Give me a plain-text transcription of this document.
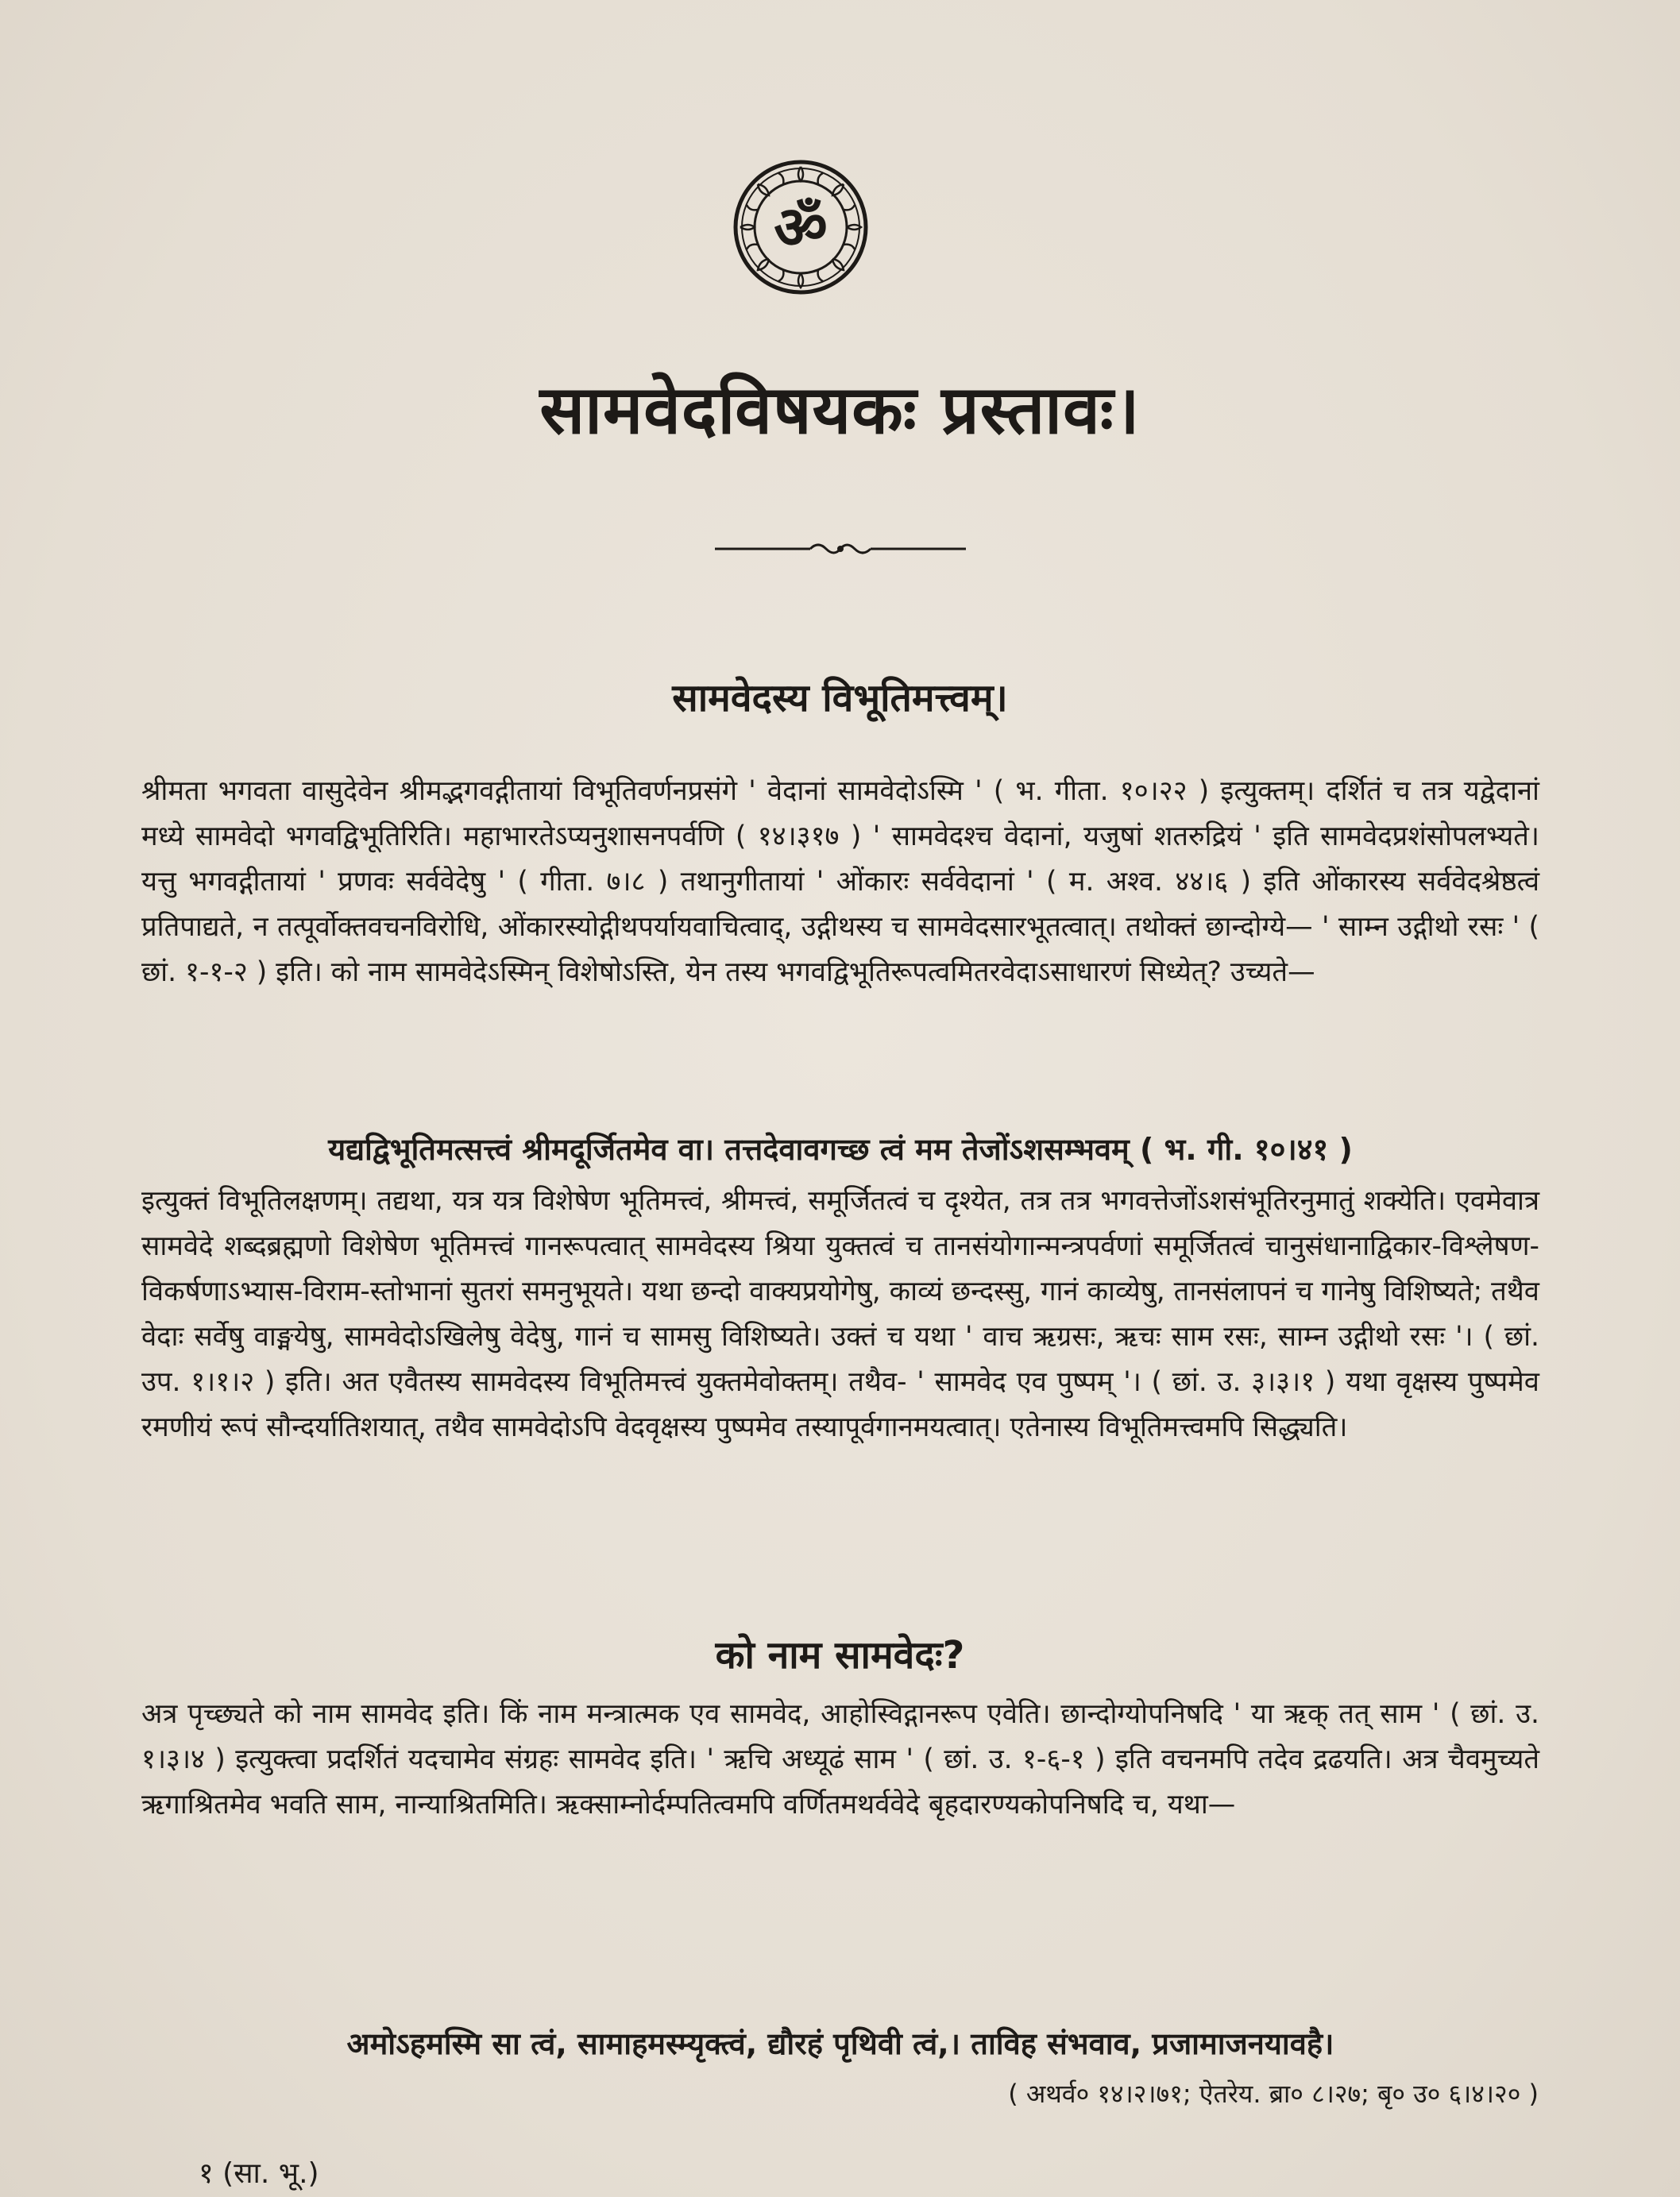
ॐ
सामवेदविषयकः प्रस्तावः।
सामवेदस्य विभूतिमत्त्वम्।

श्रीमता भगवता वासुदेवेन श्रीमद्भगवद्गीतायां विभूतिवर्णनप्रसंगे ' वेदानां सामवेदोऽस्मि ' ( भ. गीता. १०।२२ ) इत्युक्तम्। दर्शितं च तत्र यद्वेदानां मध्ये सामवेदो भगवद्विभूतिरिति। महाभारतेऽप्यनुशासनपर्वणि ( १४।३१७ ) ' सामवेदश्च वेदानां, यजुषां शतरुद्रियं ' इति सामवेदप्रशंसोपलभ्यते। यत्तु भगवद्गीतायां ' प्रणवः सर्ववेदेषु ' ( गीता. ७।८ ) तथानुगीतायां ' ओंकारः सर्ववेदानां ' ( म. अश्व. ४४।६ ) इति ओंकारस्य सर्ववेदश्रेष्ठत्वं प्रतिपाद्यते, न तत्पूर्वोक्तवचनविरोधि, ओंकारस्योद्गीथपर्यायवाचित्वाद्, उद्गीथस्य च सामवेदसारभूतत्वात्। तथोक्तं छान्दोग्ये— ' साम्न उद्गीथो रसः ' ( छां. १-१-२ ) इति। को नाम सामवेदेऽस्मिन् विशेषोऽस्ति, येन तस्य भगवद्विभूतिरूपत्वमितरवेदाऽसाधारणं सिध्येत्? उच्यते—

यद्यद्विभूतिमत्सत्त्वं श्रीमदूर्जितमेव वा। तत्तदेवावगच्छ त्वं मम तेजोंऽशसम्भवम् ( भ. गी. १०।४१ )

इत्युक्तं विभूतिलक्षणम्। तद्यथा, यत्र यत्र विशेषेण भूतिमत्त्वं, श्रीमत्त्वं, समूर्जितत्वं च दृश्येत, तत्र तत्र भगवत्तेजोंऽशसंभूतिरनुमातुं शक्येति। एवमेवात्र सामवेदे शब्दब्रह्मणो विशेषेण भूतिमत्त्वं गानरूपत्वात् सामवेदस्य श्रिया युक्तत्वं च तानसंयोगान्मन्त्रपर्वणां समूर्जितत्वं चानुसंधानाद्विकार-विश्लेषण-विकर्षणाऽभ्यास-विराम-स्तोभानां सुतरां समनुभूयते। यथा छन्दो वाक्यप्रयोगेषु, काव्यं छन्दस्सु, गानं काव्येषु, तानसंलापनं च गानेषु विशिष्यते; तथैव वेदाः सर्वेषु वाङ्मयेषु, सामवेदोऽखिलेषु वेदेषु, गानं च सामसु विशिष्यते। उक्तं च यथा ' वाच ऋग्रसः, ऋचः साम रसः, साम्न उद्गीथो रसः '। ( छां. उप. १।१।२ ) इति। अत एवैतस्य सामवेदस्य विभूतिमत्त्वं युक्तमेवोक्तम्। तथैव- ' सामवेद एव पुष्पम् '। ( छां. उ. ३।३।१ ) यथा वृक्षस्य पुष्पमेव रमणीयं रूपं सौन्दर्यातिशयात्, तथैव सामवेदोऽपि वेदवृक्षस्य पुष्पमेव तस्यापूर्वगानमयत्वात्। एतेनास्य विभूतिमत्त्वमपि सिद्ध्यति।

को नाम सामवेदः?

अत्र पृच्छ्यते को नाम सामवेद इति। किं नाम मन्त्रात्मक एव सामवेद, आहोस्विद्गानरूप एवेति। छान्दोग्योपनिषदि ' या ऋक् तत् साम ' ( छां. उ. १।३।४ ) इत्युक्त्वा प्रदर्शितं यदचामेव संग्रहः सामवेद इति। ' ऋचि अध्यूढं साम ' ( छां. उ. १-६-१ ) इति वचनमपि तदेव द्रढयति। अत्र चैवमुच्यते ऋगाश्रितमेव भवति साम, नान्याश्रितमिति। ऋक्साम्नोर्दम्पतित्वमपि वर्णितमथर्ववेदे बृहदारण्यकोपनिषदि च, यथा—

अमोऽहमस्मि सा त्वं, सामाहमस्म्यृक्त्वं, द्यौरहं पृथिवी त्वं,। ताविह संभवाव, प्रजामाजनयावहै।

( अथर्व० १४।२।७१; ऐतरेय. ब्रा० ८।२७; बृ० उ० ६।४।२० )

१ (सा. भू.)
